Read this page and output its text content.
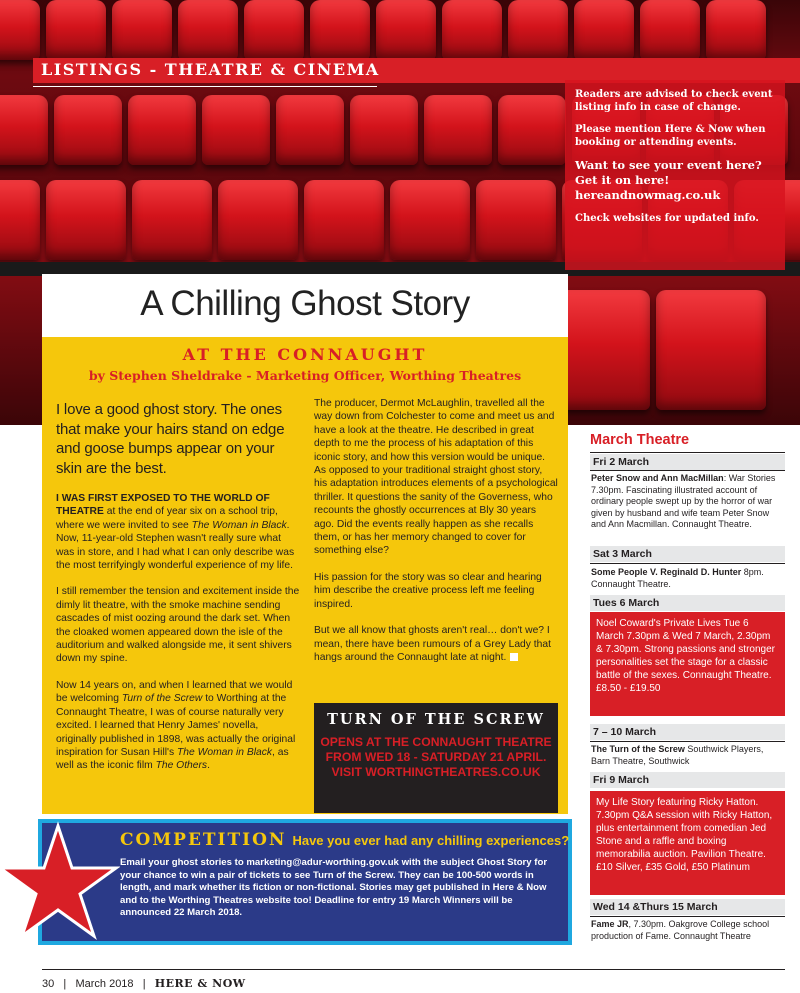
LISTINGS - THEATRE & CINEMA

Readers are advised to check event listing info in case of change.

Please mention Here & Now when booking or attending events.

Want to see your event here? Get it on here! hereandnowmag.co.uk

Check websites for updated info.

A Chilling Ghost Story
AT THE CONNAUGHT
by Stephen Sheldrake - Marketing Officer, Worthing Theatres

I love a good ghost story. The ones that make your hairs stand on edge and goose bumps appear on your skin are the best.

I WAS FIRST EXPOSED TO THE WORLD OF THEATRE at the end of year six on a school trip, where we were invited to see The Woman in Black. Now, 11-year-old Stephen wasn't really sure what was in store, and I had what I can only describe was the most terrifyingly wonderful experience of my life.

I still remember the tension and excitement inside the dimly lit theatre, with the smoke machine sending cascades of mist oozing around the dark set. When the cloaked women appeared down the isle of the auditorium and walked alongside me, it sent shivers down my spine.

Now 14 years on, and when I learned that we would be welcoming Turn of the Screw to Worthing at the Connaught Theatre, I was of course naturally very excited. I learned that Henry James' novella, originally published in 1898, was actually the original inspiration for Susan Hill's The Woman in Black, as well as the iconic film The Others.

The producer, Dermot McLaughlin, travelled all the way down from Colchester to come and meet us and have a look at the theatre. He described in great depth to me the process of his adaptation of this iconic story, and how this version would be unique. As opposed to your traditional straight ghost story, his adaptation introduces elements of a psychological thriller. It questions the sanity of the Governess, who recounts the ghostly occurrences at Bly 30 years ago. Did the events really happen as she recalls them, or has her memory changed to cover for something else?

His passion for the story was so clear and hearing him describe the creative process left me feeling inspired.

But we all know that ghosts aren't real… don't we? I mean, there have been rumours of a Grey Lady that hangs around the Connaught late at night.

TURN OF THE SCREW
OPENS AT THE CONNAUGHT THEATRE FROM WED 18 - SATURDAY 21 APRIL. VISIT WORTHINGTHEATRES.CO.UK
COMPETITION Have you ever had any chilling experiences?
Email your ghost stories to marketing@adur-worthing.gov.uk with the subject Ghost Story for your chance to win a pair of tickets to see Turn of the Screw. They can be 100-500 words in length, and mark whether its fiction or non-fictional. Stories may get published in Here & Now and to the Worthing Theatres website too! Deadline for entry 19 March Winners will be announced 22 March 2018.
March Theatre
Fri 2 March
Peter Snow and Ann MacMillan: War Stories 7.30pm. Fascinating illustrated account of ordinary people swept up by the horror of war given by husband and wife team Peter Snow and Ann Macmillan. Connaught Theatre.
Sat 3 March
Some People V. Reginald D. Hunter 8pm. Connaught Theatre.
Tues 6 March
Noel Coward's Private Lives Tue 6 March 7.30pm & Wed 7 March, 2.30pm & 7.30pm. Strong passions and stronger personalities set the stage for a classic battle of the sexes. Connaught Theatre. £8.50 - £19.50
7 – 10 March
The Turn of the Screw Southwick Players, Barn Theatre, Southwick
Fri 9 March
My Life Story featuring Ricky Hatton. 7.30pm Q&A session with Ricky Hatton, plus entertainment from comedian Jed Stone and a raffle and boxing memorabilia auction. Pavilion Theatre. £10 Silver, £35 Gold, £50 Platinum
Wed 14 &Thurs 15 March
Fame JR, 7.30pm. Oakgrove College school production of Fame. Connaught Theatre
30 | March 2018 | HERE & NOW
